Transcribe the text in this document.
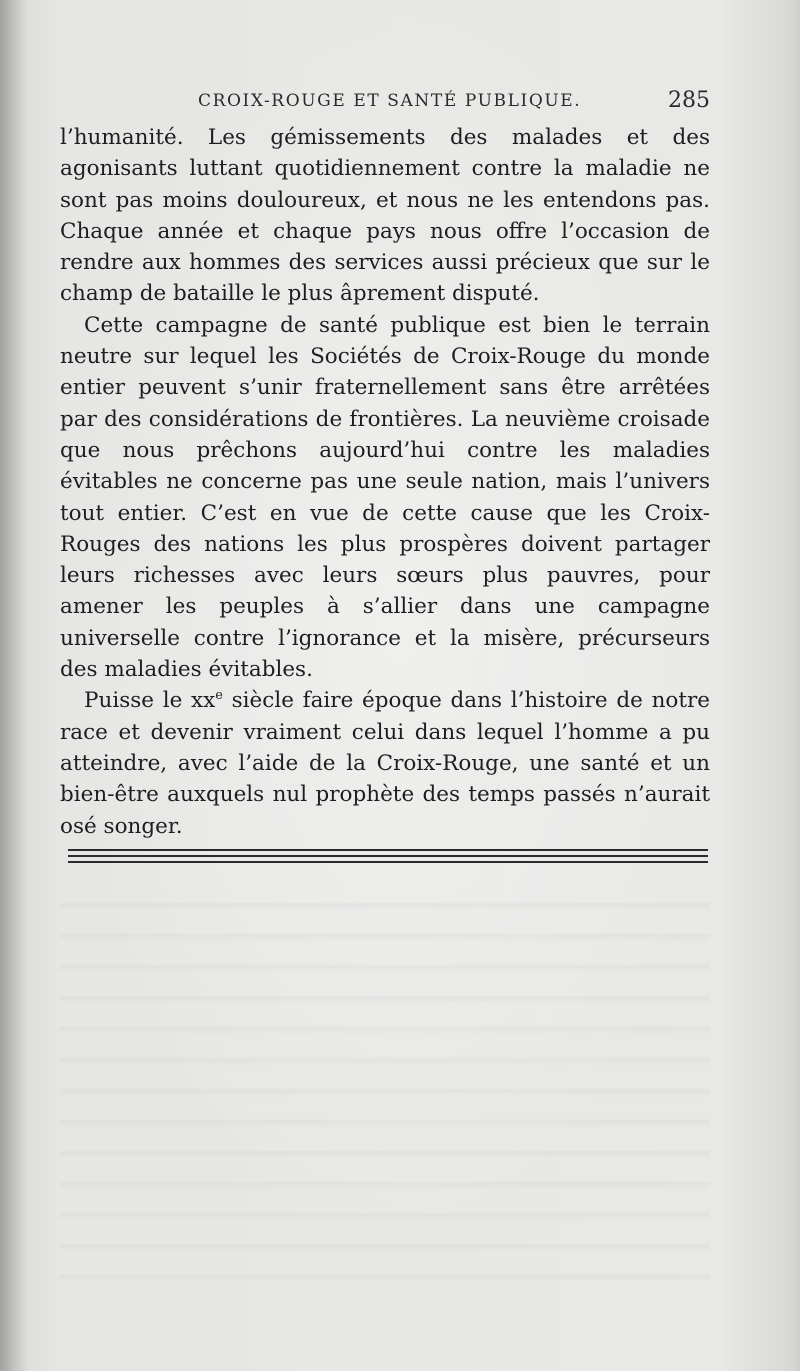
CROIX-ROUGE ET SANTÉ PUBLIQUE.	285

l’humanité. Les gémissements des malades et des agonisants luttant quotidiennement contre la maladie ne sont pas moins douloureux, et nous ne les entendons pas. Chaque année et chaque pays nous offre l’occasion de rendre aux hommes des services aussi précieux que sur le champ de bataille le plus âprement disputé.

Cette campagne de santé publique est bien le terrain neutre sur lequel les Sociétés de Croix-Rouge du monde entier peuvent s’unir fraternellement sans être arrêtées par des considérations de frontières. La neuvième croisade que nous prêchons aujourd’hui contre les maladies évitables ne concerne pas une seule nation, mais l’univers tout entier. C’est en vue de cette cause que les Croix-Rouges des nations les plus prospères doivent partager leurs richesses avec leurs sœurs plus pauvres, pour amener les peuples à s’allier dans une campagne universelle contre l’ignorance et la misère, précurseurs des maladies évitables.

Puisse le $xx^e$ siècle faire époque dans l’histoire de notre race et devenir vraiment celui dans lequel l’homme a pu atteindre, avec l’aide de la Croix-Rouge, une santé et un bien-être auxquels nul prophète des temps passés n’aurait osé songer.
